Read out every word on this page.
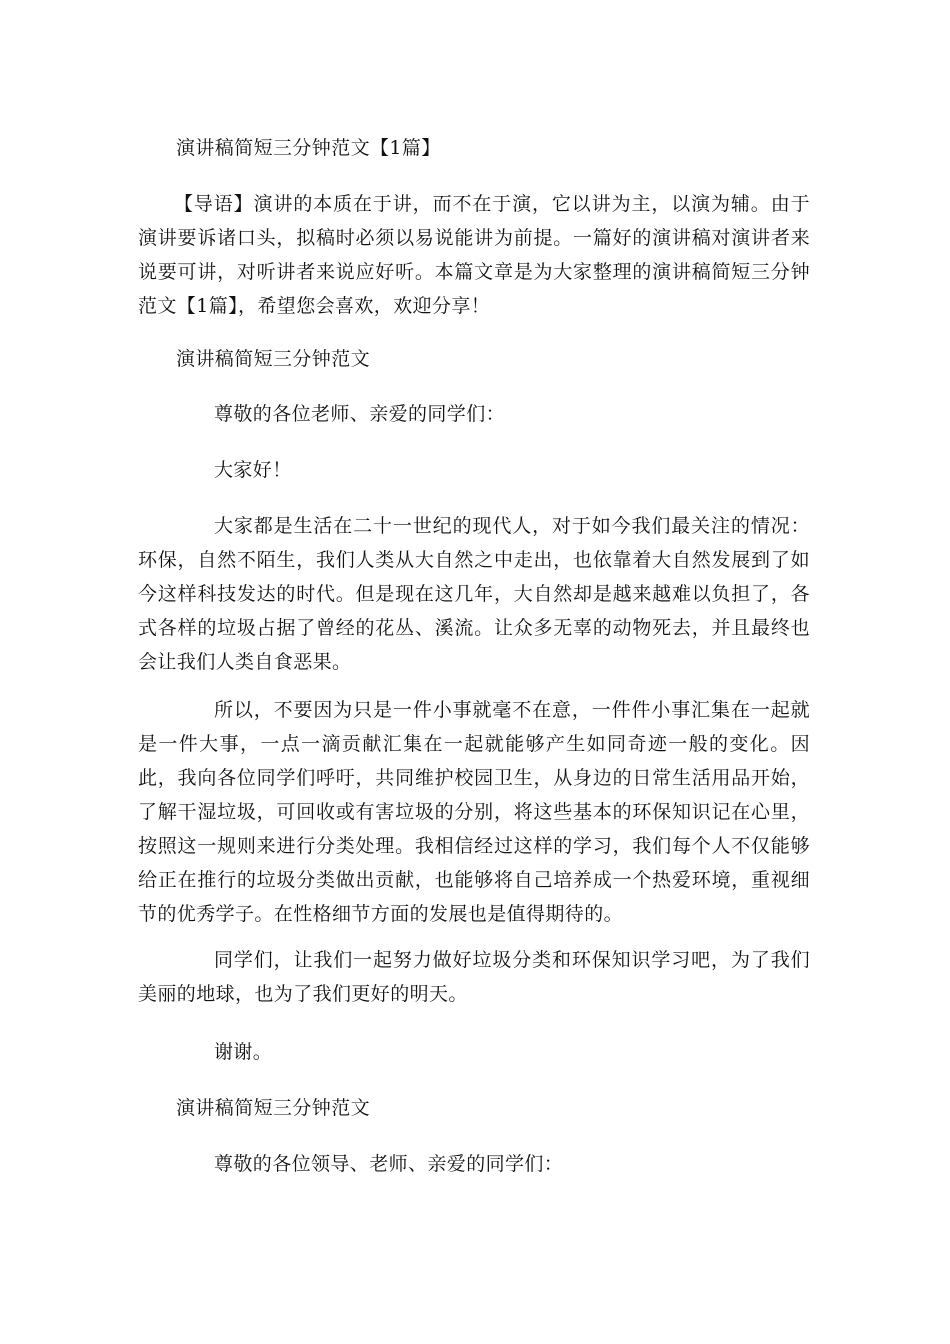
演讲稿简短三分钟范文【1篇】

【导语】演讲的本质在于讲，而不在于演，它以讲为主，以演为辅。由于演讲要诉诸口头，拟稿时必须以易说能讲为前提。一篇好的演讲稿对演讲者来说要可讲，对听讲者来说应好听。本篇文章是为大家整理的演讲稿简短三分钟范文【1篇】，希望您会喜欢，欢迎分享！

演讲稿简短三分钟范文

尊敬的各位老师、亲爱的同学们：

大家好！

大家都是生活在二十一世纪的现代人，对于如今我们最关注的情况：环保，自然不陌生，我们人类从大自然之中走出，也依靠着大自然发展到了如今这样科技发达的时代。但是现在这几年，大自然却是越来越难以负担了，各式各样的垃圾占据了曾经的花丛、溪流。让众多无辜的动物死去，并且最终也会让我们人类自食恶果。

所以，不要因为只是一件小事就毫不在意，一件件小事汇集在一起就是一件大事，一点一滴贡献汇集在一起就能够产生如同奇迹一般的变化。因此，我向各位同学们呼吁，共同维护校园卫生，从身边的日常生活用品开始，了解干湿垃圾，可回收或有害垃圾的分别，将这些基本的环保知识记在心里，按照这一规则来进行分类处理。我相信经过这样的学习，我们每个人不仅能够给正在推行的垃圾分类做出贡献，也能够将自己培养成一个热爱环境，重视细节的优秀学子。在性格细节方面的发展也是值得期待的。

同学们，让我们一起努力做好垃圾分类和环保知识学习吧，为了我们美丽的地球，也为了我们更好的明天。

谢谢。

演讲稿简短三分钟范文

尊敬的各位领导、老师、亲爱的同学们：
